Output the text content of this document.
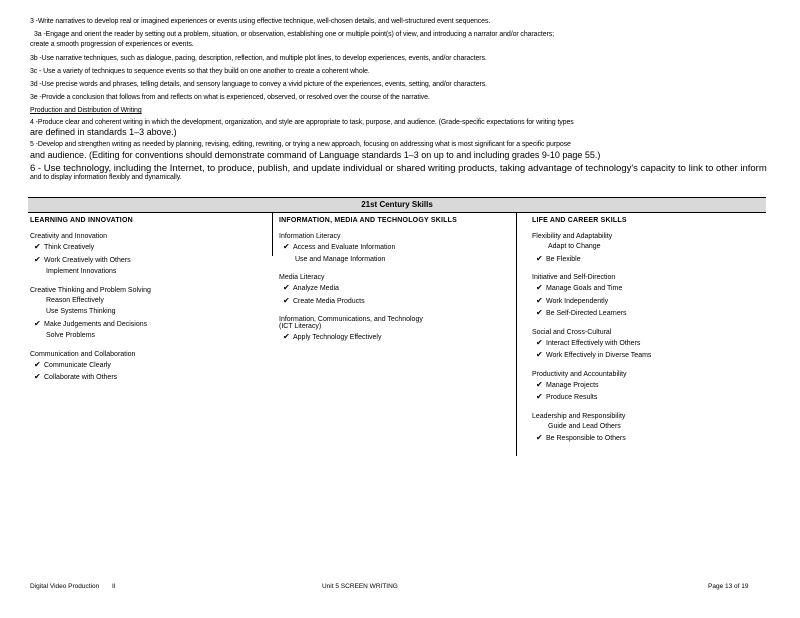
3 -Write narratives to develop real or imagined experiences or events using effective technique, well-chosen details, and well-structured event sequences.
3a -Engage and orient the reader by setting out a problem, situation, or observation, establishing one or multiple point(s) of view, and introducing a narrator and/or characters;
create a smooth progression of experiences or events.
3b -Use narrative techniques, such as dialogue, pacing, description, reflection, and multiple plot lines, to develop experiences, events, and/or characters.
3c - Use a variety of techniques to sequence events so that they build on one another to create a coherent whole.
3d -Use precise words and phrases, telling details, and sensory language to convey a vivid picture of the experiences, events, setting, and/or characters.
3e -Provide a conclusion that follows from and reflects on what is experienced, observed, or resolved over the course of the narrative.
Production and Distribution of Writing
4 -Produce clear and coherent writing in which the development, organization, and style are appropriate to task, purpose, and audience. (Grade-specific expectations for writing types
are defined in standards 1–3 above.)
5 -Develop and strengthen writing as needed by planning, revising, editing, rewriting, or trying a new approach, focusing on addressing what is most significant for a specific purpose
and audience. (Editing for conventions should demonstrate command of Language standards 1–3 on up to and including grades 9-10 page 55.)
6 - Use technology, including the Internet, to produce, publish, and update individual or shared writing products, taking advantage of technology's capacity to link to other inform
and to display information flexibly and dynamically.
21st Century Skills
LEARNING AND INNOVATION
Creativity and Innovation
✔ Think Creatively
✔ Work Creatively with Others
Implement Innovations
Creative Thinking and Problem Solving
Reason Effectively
Use Systems Thinking
✔ Make Judgements and Decisions
Solve Problems
Communication and Collaboration
✔ Communicate Clearly
✔ Collaborate with Others
INFORMATION, MEDIA AND TECHNOLOGY SKILLS
Information Literacy
✔ Access and Evaluate Information
Use and Manage Information
Media Literacy
✔ Analyze Media
✔ Create Media Products
Information, Communications, and Technology
(ICT Literacy)
✔ Apply Technology Effectively
LIFE AND CAREER SKILLS
Flexibility and Adaptability
Adapt to Change
✔ Be Flexible
Initiative and Self-Direction
✔ Manage Goals and Time
✔ Work Independently
✔ Be Self-Directed Learners
Social and Cross-Cultural
✔ Interact Effectively with Others
✔ Work Effectively in Diverse Teams
Productivity and Accountability
✔ Manage Projects
✔ Produce Results
Leadership and Responsibility
Guide and Lead Others
✔ Be Responsible to Others
Digital Video Production II	Unit 5 SCREEN WRITING	Page 13 of 19
